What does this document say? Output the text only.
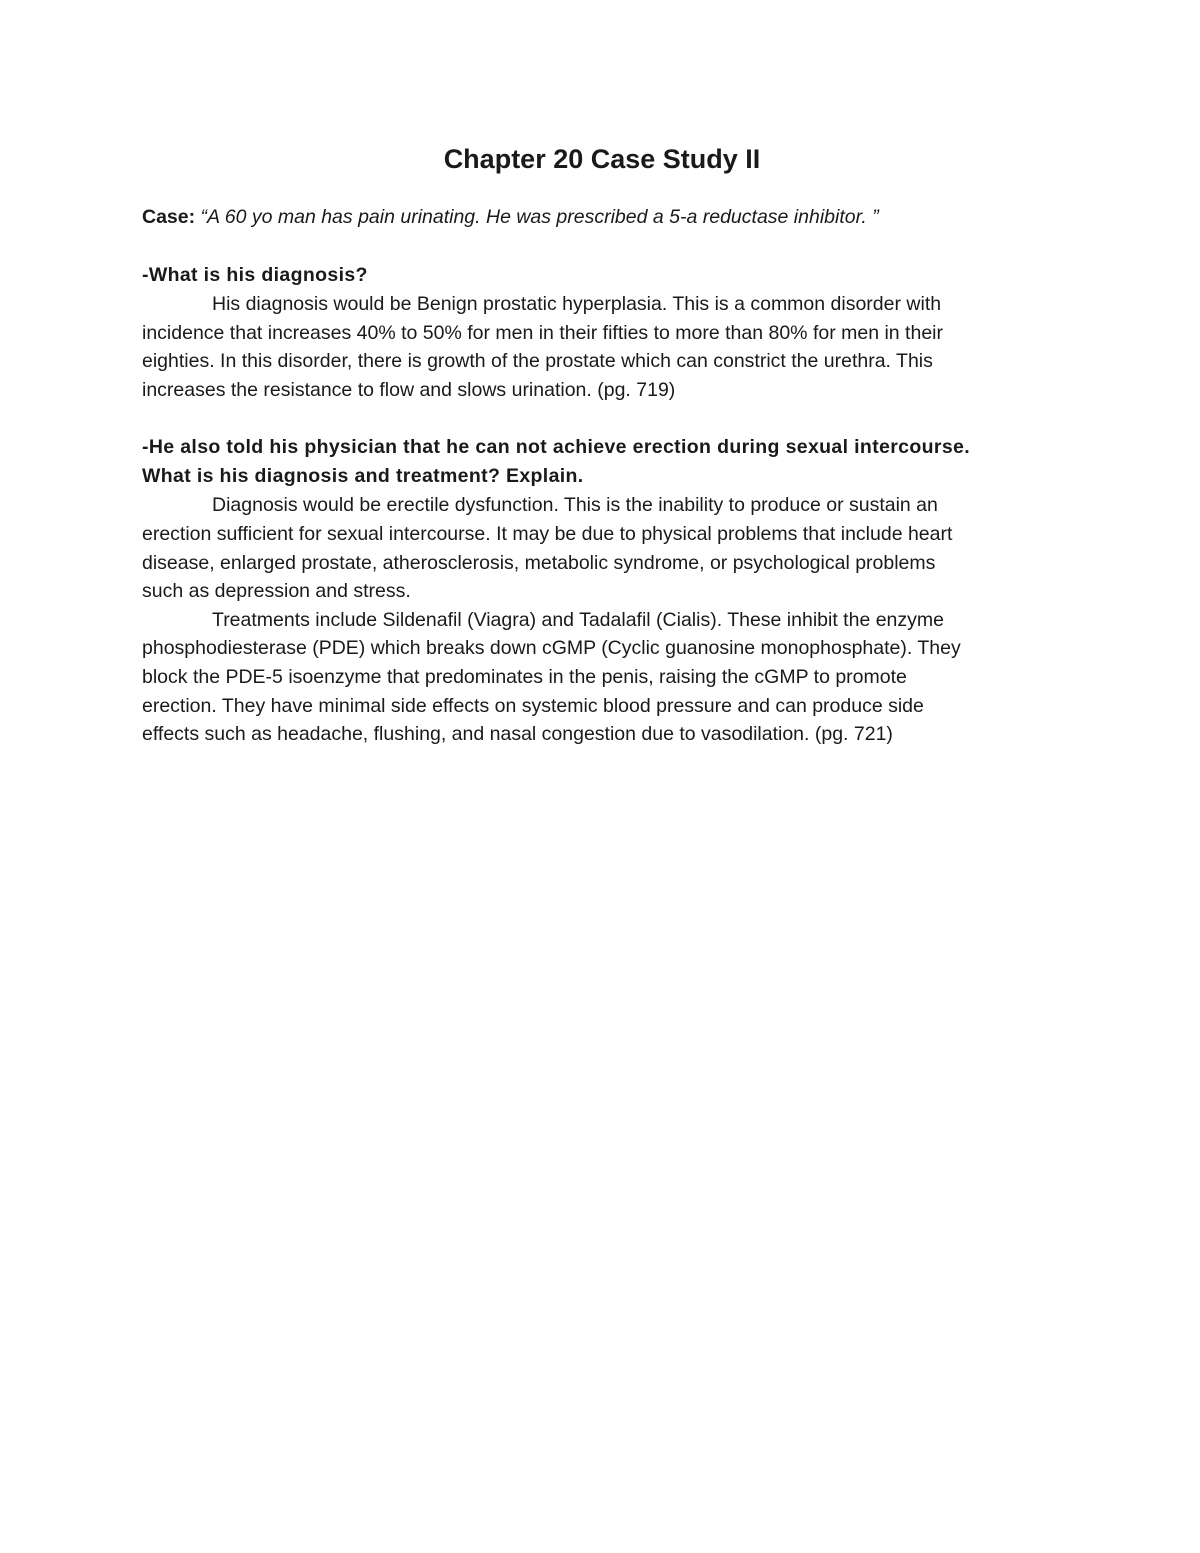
Chapter 20 Case Study II

Case: “A 60 yo man has pain urinating. He was prescribed a 5-a reductase inhibitor. ”

-What is his diagnosis?

His diagnosis would be Benign prostatic hyperplasia. This is a common disorder with
incidence that increases 40% to 50% for men in their fifties to more than 80% for men in their
eighties. In this disorder, there is growth of the prostate which can constrict the urethra. This
increases the resistance to flow and slows urination. (pg. 719)
-He also told his physician that he can not achieve erection during sexual intercourse.
What is his diagnosis and treatment? Explain.
Diagnosis would be erectile dysfunction. This is the inability to produce or sustain an
erection sufficient for sexual intercourse. It may be due to physical problems that include heart
disease, enlarged prostate, atherosclerosis, metabolic syndrome, or psychological problems
such as depression and stress.
Treatments include Sildenafil (Viagra) and Tadalafil (Cialis). These inhibit the enzyme
phosphodiesterase (PDE) which breaks down cGMP (Cyclic guanosine monophosphate). They
block the PDE-5 isoenzyme that predominates in the penis, raising the cGMP to promote
erection. They have minimal side effects on systemic blood pressure and can produce side
effects such as headache, flushing, and nasal congestion due to vasodilation. (pg. 721)
